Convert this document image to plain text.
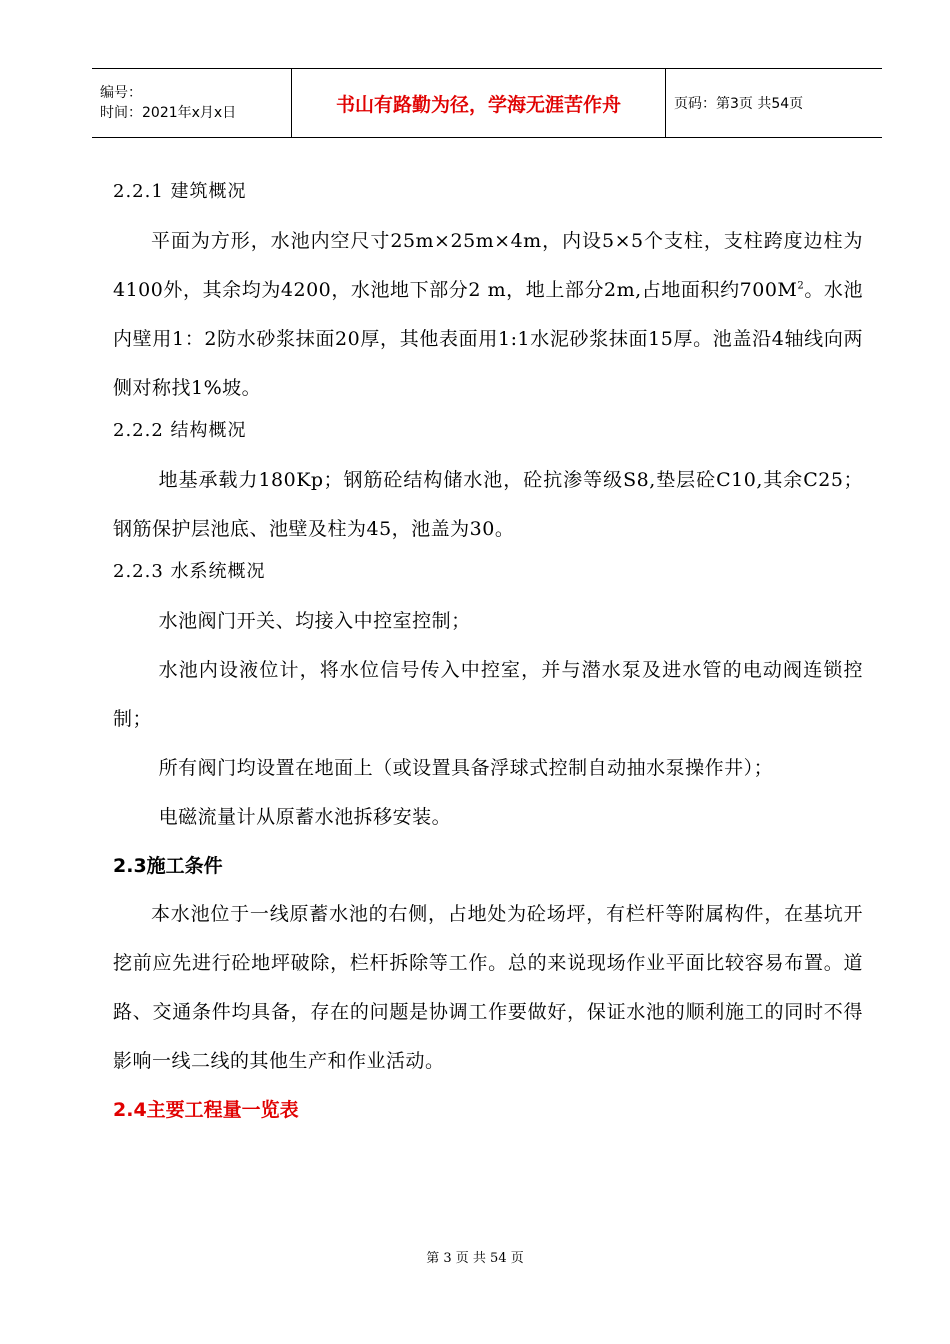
编号：
时间：2021年x月x日	书山有路勤为径，学海无涯苦作舟	页码：第3页 共54页
2.2.1 建筑概况

平面为方形，水池内空尺寸25m×25m×4m，内设5×5个支柱，支柱跨度边柱为4100外，其余均为4200，水池地下部分2 m，地上部分2m,占地面积约$700M^2$。水池内壁用1：2防水砂浆抹面20厚，其他表面用1:1水泥砂浆抹面15厚。池盖沿4轴线向两侧对称找1%坡。

2.2.2 结构概况

地基承载力180Kp；钢筋砼结构储水池，砼抗渗等级S8,垫层砼C10,其余C25；钢筋保护层池底、池壁及柱为45，池盖为30。

2.2.3 水系统概况

水池阀门开关、均接入中控室控制；

水池内设液位计，将水位信号传入中控室，并与潜水泵及进水管的电动阀连锁控制；

所有阀门均设置在地面上（或设置具备浮球式控制自动抽水泵操作井）；

电磁流量计从原蓄水池拆移安装。

2.3施工条件

本水池位于一线原蓄水池的右侧，占地处为砼场坪，有栏杆等附属构件，在基坑开挖前应先进行砼地坪破除，栏杆拆除等工作。总的来说现场作业平面比较容易布置。道路、交通条件均具备，存在的问题是协调工作要做好，保证水池的顺利施工的同时不得影响一线二线的其他生产和作业活动。

2.4主要工程量一览表
第 3 页 共 54 页
